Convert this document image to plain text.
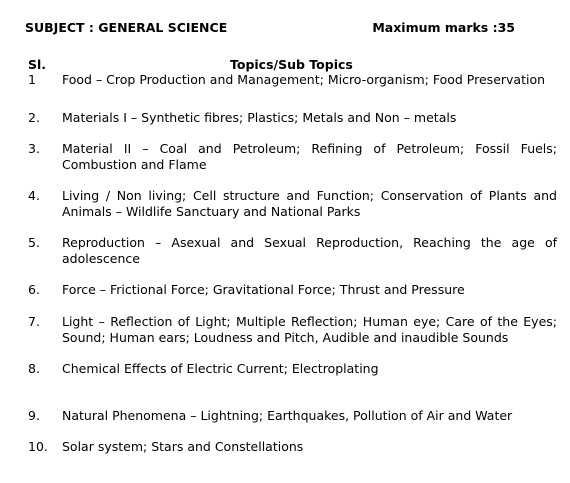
SUBJECT : GENERAL SCIENCE	Maximum marks :35
Sl.	Topics/Sub Topics
1	Food – Crop Production and Management; Micro-organism; Food Preservation
2.	Materials I – Synthetic fibres; Plastics; Metals and Non – metals
3.	Material II – Coal and Petroleum; Refining of Petroleum; Fossil Fuels; Combustion and Flame
4.	Living / Non living; Cell structure and Function; Conservation of Plants and Animals – Wildlife Sanctuary and National Parks
5.	Reproduction – Asexual and Sexual Reproduction, Reaching the age of adolescence
6.	Force – Frictional Force; Gravitational Force; Thrust and Pressure
7.	Light – Reflection of Light; Multiple Reflection; Human eye; Care of the Eyes; Sound; Human ears; Loudness and Pitch, Audible and inaudible Sounds
8.	Chemical Effects of Electric Current; Electroplating
9.	Natural Phenomena – Lightning; Earthquakes, Pollution of Air and Water
10.	Solar system; Stars and Constellations
